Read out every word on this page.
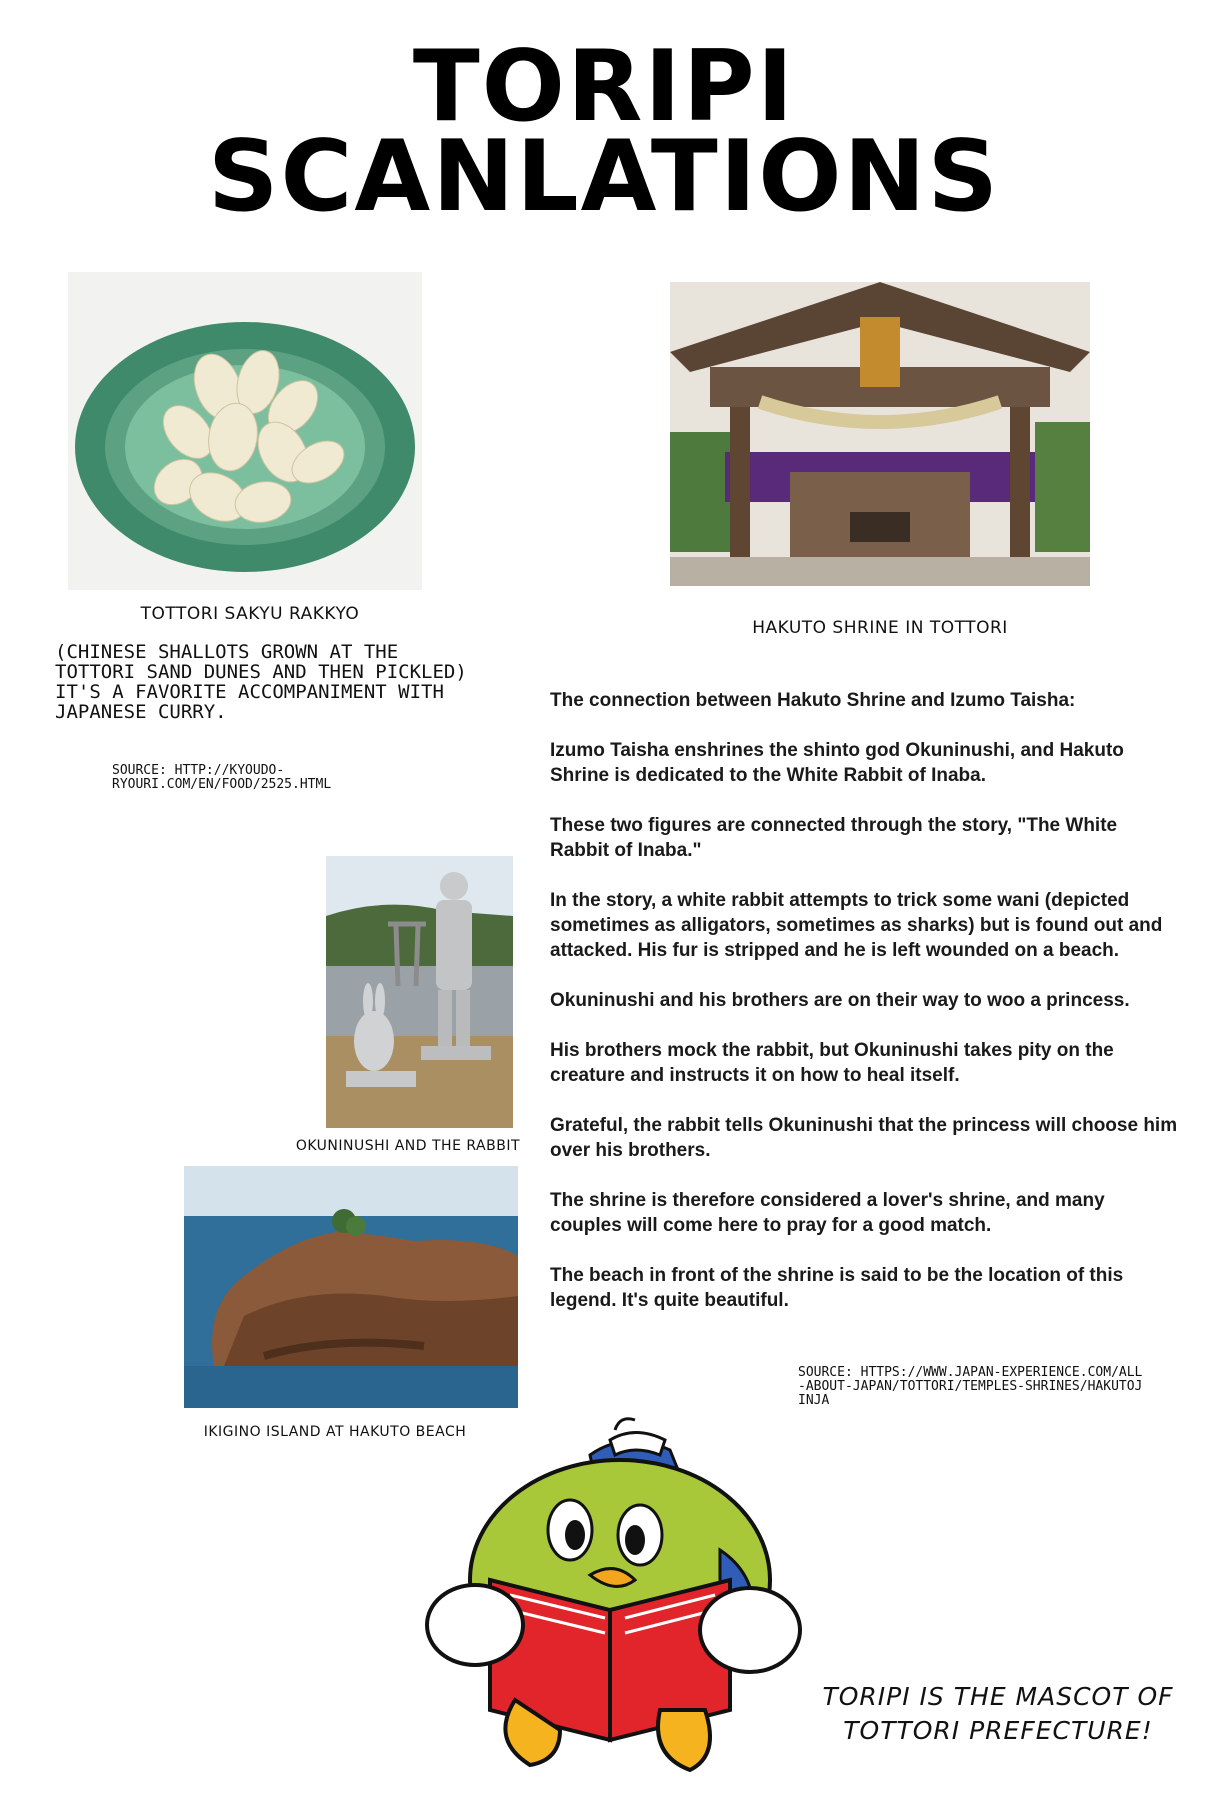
TORIPI
SCANLATIONS
TOTTORI SAKYU RAKKYO
(CHINESE SHALLOTS GROWN AT THE TOTTORI SAND DUNES AND THEN PICKLED)
IT'S A FAVORITE ACCOMPANIMENT WITH JAPANESE CURRY.
SOURCE: HTTP://KYOUDO-RYOURI.COM/EN/FOOD/2525.HTML
HAKUTO SHRINE IN TOTTORI

The connection between Hakuto Shrine and Izumo Taisha:

Izumo Taisha enshrines the shinto god Okuninushi, and Hakuto Shrine is dedicated to the White Rabbit of Inaba.

These two figures are connected through the story, "The White Rabbit of Inaba."

In the story, a white rabbit attempts to trick some wani (depicted sometimes as alligators, sometimes as sharks) but is found out and attacked. His fur is stripped and he is left wounded on a beach.

Okuninushi and his brothers are on their way to woo a princess.

His brothers mock the rabbit, but Okuninushi takes pity on the creature and instructs it on how to heal itself.

Grateful, the rabbit tells Okuninushi that the princess will choose him over his brothers.

The shrine is therefore considered a lover's shrine, and many couples will come here to pray for a good match.

The beach in front of the shrine is said to be the location of this legend. It's quite beautiful.

OKUNINUSHI AND THE RABBIT
IKIGINO ISLAND AT HAKUTO BEACH
SOURCE: HTTPS://WWW.JAPAN-EXPERIENCE.COM/ALL-ABOUT-JAPAN/TOTTORI/TEMPLES-SHRINES/HAKUTOJINJA
TORIPI IS THE MASCOT OF
TOTTORI PREFECTURE!
